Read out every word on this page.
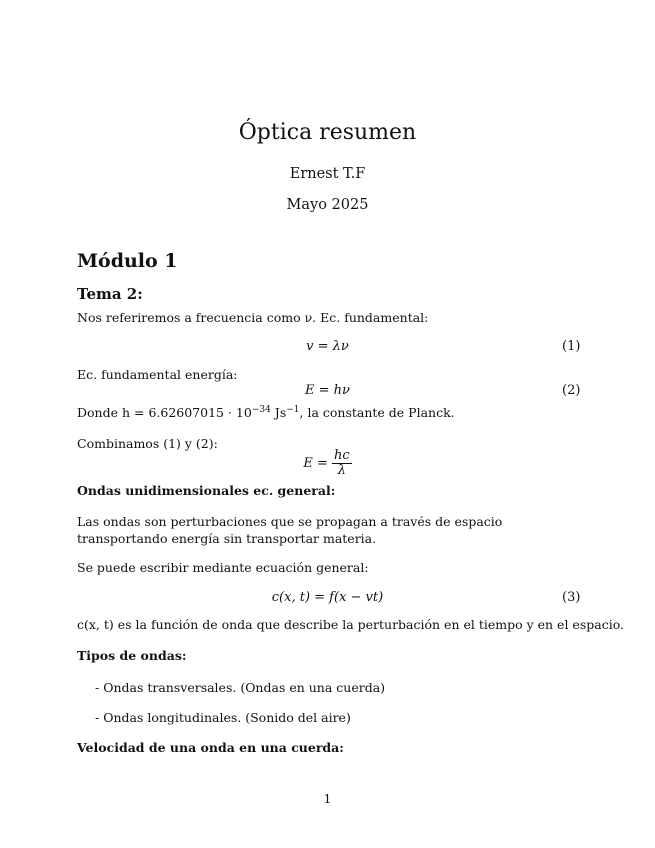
Óptica resumen
Ernest T.F
Mayo 2025
Módulo 1
Tema 2:
Nos referiremos a frecuencia como ν. Ec. fundamental:
v = λν	(1)
Ec. fundamental energía:
E = hν	(2)
Donde $h = 6.62607015 \cdot 10^{-34}$ $Js^{-1}$, la constante de Planck.
Combinamos (1) y (2):
$E = \frac{hc}{\lambda}$
Ondas unidimensionales ec. general:
Las ondas son perturbaciones que se propagan a través de espacio transportando energía sin transportar materia.
Se puede escribir mediante ecuación general:
c(x, t) = f(x − vt)	(3)
c(x, t) es la función de onda que describe la perturbación en el tiempo y en el espacio.
Tipos de ondas:
- Ondas transversales. (Ondas en una cuerda)
- Ondas longitudinales. (Sonido del aire)
Velocidad de una onda en una cuerda:
1
